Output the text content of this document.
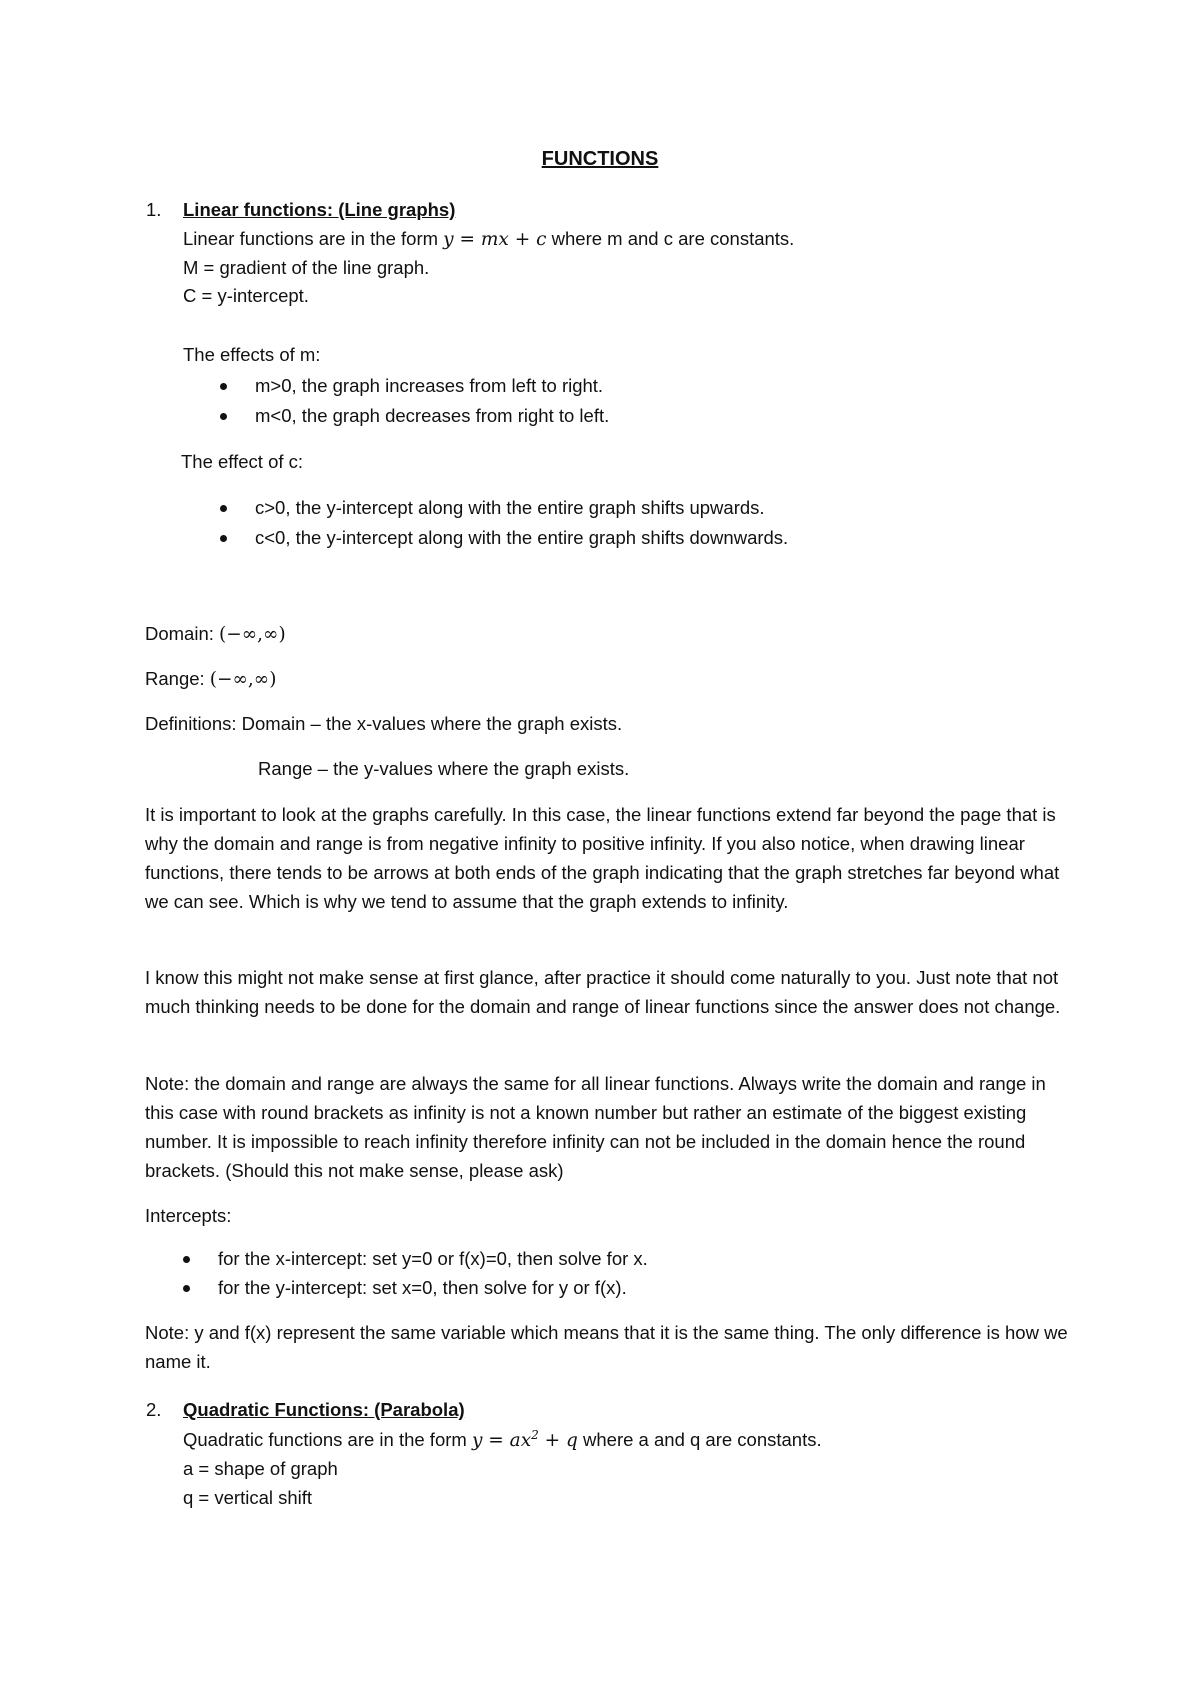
FUNCTIONS
1. Linear functions: (Line graphs)
Linear functions are in the form y = mx + c where m and c are constants.
M = gradient of the line graph.
C = y-intercept.
The effects of m:
m>0, the graph increases from left to right.
m<0, the graph decreases from right to left.
The effect of c:
c>0, the y-intercept along with the entire graph shifts upwards.
c<0, the y-intercept along with the entire graph shifts downwards.
Domain: (−∞,∞)
Range: (−∞,∞)
Definitions: Domain – the x-values where the graph exists.
Range – the y-values where the graph exists.
It is important to look at the graphs carefully. In this case, the linear functions extend far beyond the page that is why the domain and range is from negative infinity to positive infinity. If you also notice, when drawing linear functions, there tends to be arrows at both ends of the graph indicating that the graph stretches far beyond what we can see. Which is why we tend to assume that the graph extends to infinity.
I know this might not make sense at first glance, after practice it should come naturally to you. Just note that not much thinking needs to be done for the domain and range of linear functions since the answer does not change.
Note: the domain and range are always the same for all linear functions. Always write the domain and range in this case with round brackets as infinity is not a known number but rather an estimate of the biggest existing number. It is impossible to reach infinity therefore infinity can not be included in the domain hence the round brackets. (Should this not make sense, please ask)
Intercepts:
for the x-intercept: set y=0 or f(x)=0, then solve for x.
for the y-intercept: set x=0, then solve for y or f(x).
Note: y and f(x) represent the same variable which means that it is the same thing. The only difference is how we name it.
2. Quadratic Functions: (Parabola)
Quadratic functions are in the form $y = ax^2 + q$ where a and q are constants.
a = shape of graph
q = vertical shift
